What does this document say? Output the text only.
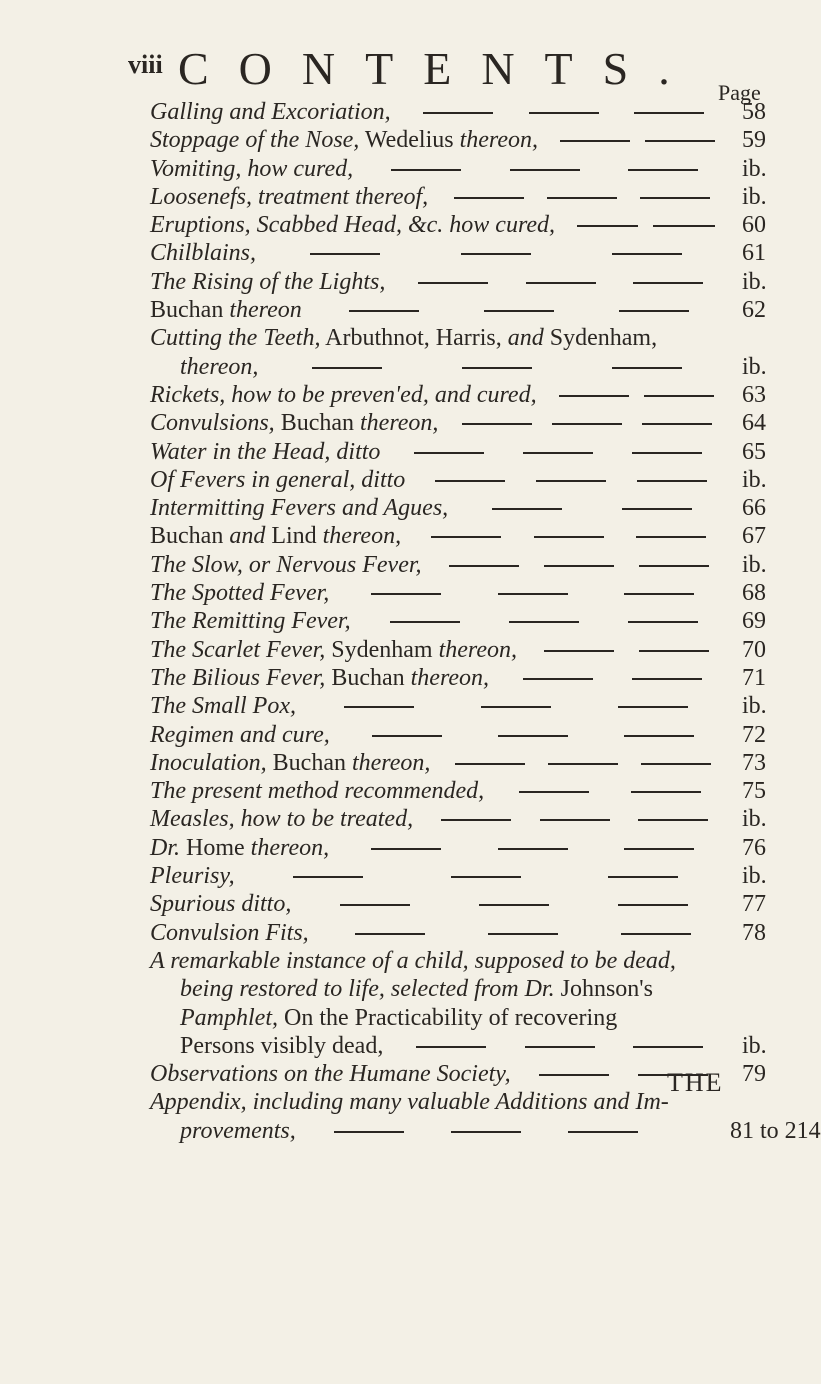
viii CONTENTS. Page
Galling and Excoriation,	58
Stoppage of the Nose, Wedelius thereon,	59
Vomiting, how cured,	ib.
Loosenefs, treatment thereof,	ib.
Eruptions, Scabbed Head, &c. how cured,	60
Chilblains,	61
The Rising of the Lights,	ib.
Buchan thereon	62
Cutting the Teeth, Arbuthnot, Harris, and Sydenham,
thereon,	ib.
Rickets, how to be preven'ed, and cured,	63
Convulsions, Buchan thereon,	64
Water in the Head, ditto	65
Of Fevers in general, ditto	ib.
Intermitting Fevers and Agues,	66
Buchan and Lind thereon,	67
The Slow, or Nervous Fever,	ib.
The Spotted Fever,	68
The Remitting Fever,	69
The Scarlet Fever, Sydenham thereon,	70
The Bilious Fever, Buchan thereon,	71
The Small Pox,	ib.
Regimen and cure,	72
Inoculation, Buchan thereon,	73
The present method recommended,	75
Measles, how to be treated,	ib.
Dr. Home thereon,	76
Pleurisy,	ib.
Spurious ditto,	77
Convulsion Fits,	78
A remarkable instance of a child, supposed to be dead,
being restored to life, selected from Dr. Johnson's
Pamphlet, On the Practicability of recovering
Persons visibly dead,	ib.
Observations on the Humane Society,	79
Appendix, including many valuable Additions and Im-
provements,	81 to 214
THE
